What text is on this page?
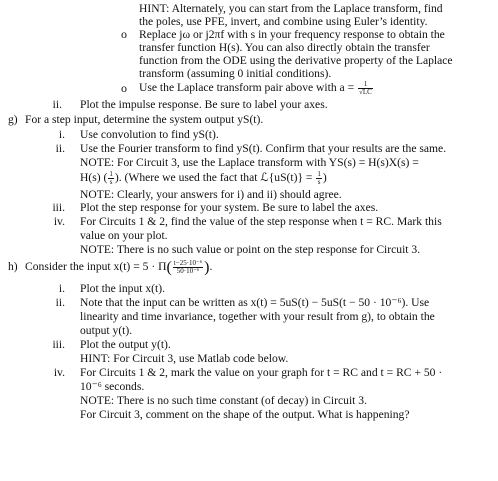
HINT: Alternately, you can start from the Laplace transform, find
the poles, use PFE, invert, and combine using Euler’s identity.
o Replace jω or j2πf with s in your frequency response to obtain the
transfer function H(s). You can also directly obtain the transfer
function from the ODE using the derivative property of the Laplace
transform (assuming 0 initial conditions).
o Use the Laplace transform pair above with $a = \frac{1}{√LC}$
ii. Plot the impulse response. Be sure to label your axes.
g) For a step input, determine the system output yS(t).
i. Use convolution to find yS(t).
ii. Use the Fourier transform to find yS(t). Confirm that your results are the same.
NOTE: For Circuit 3, use the Laplace transform with YS(s) = H(s)X(s) =
H(s) ( $\frac{1}{s}$ ). (Where we used the fact that ℒ{uS(t)} = $\frac{1}{s}$ )
NOTE: Clearly, your answers for i) and ii) should agree.
iii. Plot the step response for your system. Be sure to label the axes.
iv. For Circuits 1 & 2, find the value of the step response when t = RC. Mark this
value on your plot.
NOTE: There is no such value or point on the step response for Circuit 3.
h) Consider the input $x(t) = 5 \cdot \Pi( \frac{\text{t−25·10⁻⁶}}{\text{50·10⁻⁶}}$ ).
i. Plot the input x(t).
ii. Note that the input can be written as x(t) = 5uS(t) − 5uS(t − 50 · 10⁻⁶). Use
linearity and time invariance, together with your result from g), to obtain the
output y(t).
iii. Plot the output y(t).
HINT: For Circuit 3, use Matlab code below.
iv. For Circuits 1 & 2, mark the value on your graph for t = RC and t = RC + 50 ·
10⁻⁶ seconds.
NOTE: There is no such time constant (of decay) in Circuit 3.
For Circuit 3, comment on the shape of the output. What is happening?
